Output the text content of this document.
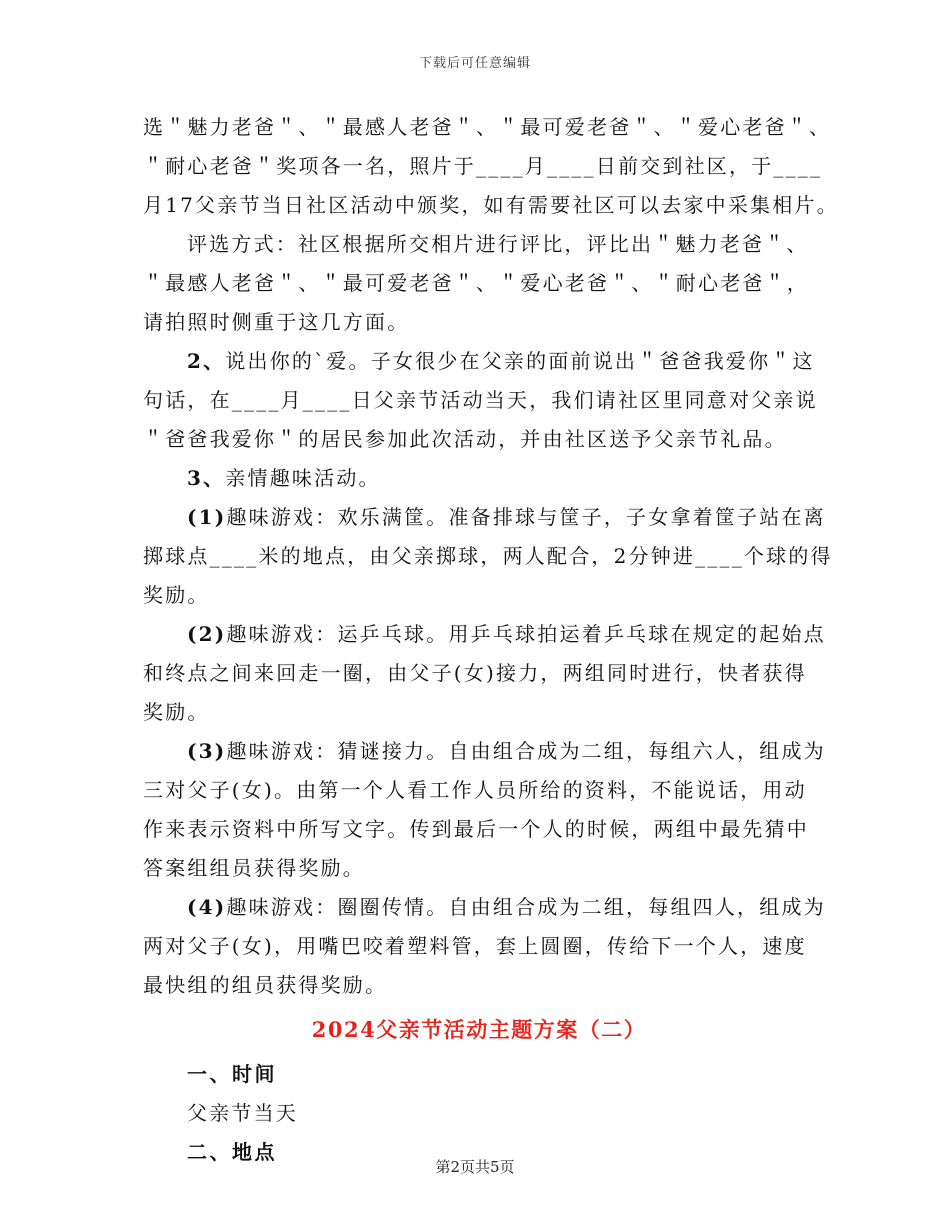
下载后可任意编辑
选＂魅力老爸＂、＂最感人老爸＂、＂最可爱老爸＂、＂爱心老爸＂、
＂耐心老爸＂奖项各一名，照片于____月____日前交到社区，于____
月17父亲节当日社区活动中颁奖，如有需要社区可以去家中采集相片。
评选方式：社区根据所交相片进行评比，评比出＂魅力老爸＂、
＂最感人老爸＂、＂最可爱老爸＂、＂爱心老爸＂、＂耐心老爸＂，
请拍照时侧重于这几方面。
2、说出你的`爱。子女很少在父亲的面前说出＂爸爸我爱你＂这
句话，在____月____日父亲节活动当天，我们请社区里同意对父亲说
＂爸爸我爱你＂的居民参加此次活动，并由社区送予父亲节礼品。
3、亲情趣味活动。
(1)趣味游戏：欢乐满筐。准备排球与筐子，子女拿着筐子站在离
掷球点____米的地点，由父亲掷球，两人配合，2分钟进____个球的得
奖励。
(2)趣味游戏：运乒乓球。用乒乓球拍运着乒乓球在规定的起始点
和终点之间来回走一圈，由父子(女)接力，两组同时进行，快者获得
奖励。
(3)趣味游戏：猜谜接力。自由组合成为二组，每组六人，组成为
三对父子(女)。由第一个人看工作人员所给的资料，不能说话，用动
作来表示资料中所写文字。传到最后一个人的时候，两组中最先猜中
答案组组员获得奖励。
(4)趣味游戏：圈圈传情。自由组合成为二组，每组四人，组成为
两对父子(女)，用嘴巴咬着塑料管，套上圆圈，传给下一个人，速度
最快组的组员获得奖励。
2024父亲节活动主题方案（二）
一、时间
父亲节当天
二、地点
第2页共5页
